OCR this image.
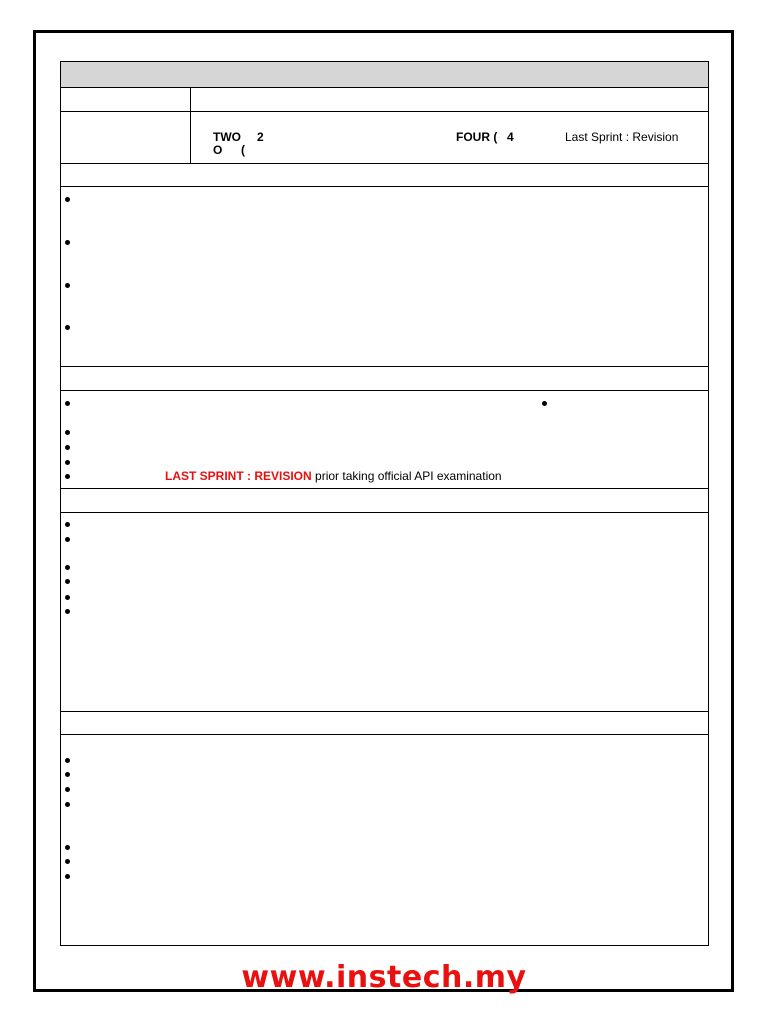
TWO 2
O (
FOUR ( 4	Last Sprint : Revision
LAST SPRINT : REVISION prior taking official API examination
www.instech.my
